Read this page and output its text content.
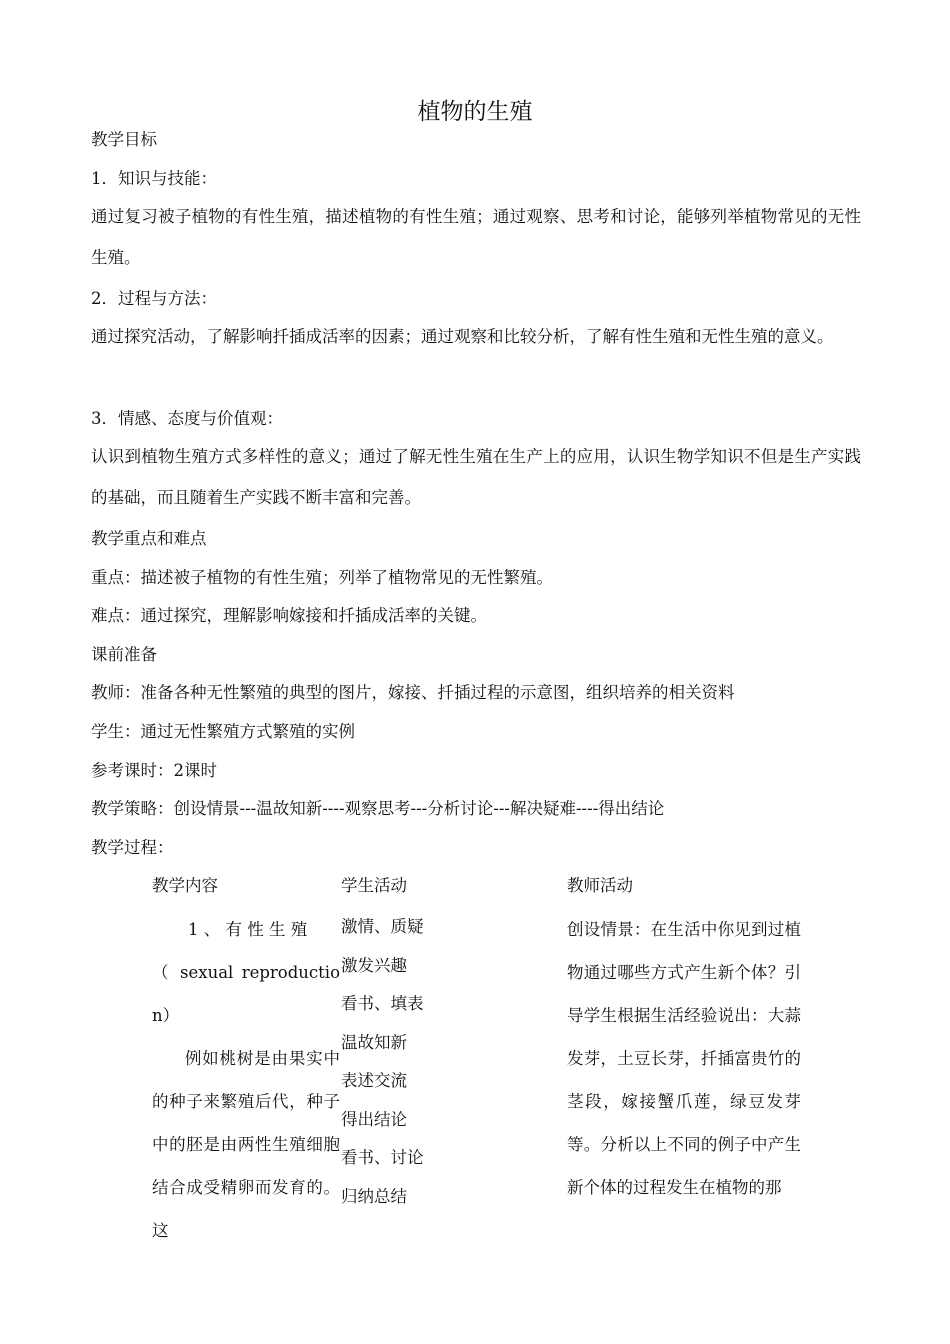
植物的生殖
教学目标
1．知识与技能：
通过复习被子植物的有性生殖，描述植物的有性生殖；通过观察、思考和讨论，能够列举植物常见的无性生殖。
2．过程与方法：
通过探究活动，了解影响扦插成活率的因素；通过观察和比较分析，了解有性生殖和无性生殖的意义。
3．情感、态度与价值观：
认识到植物生殖方式多样性的意义；通过了解无性生殖在生产上的应用，认识生物学知识不但是生产实践的基础，而且随着生产实践不断丰富和完善。
教学重点和难点
重点：描述被子植物的有性生殖；列举了植物常见的无性繁殖。
难点：通过探究，理解影响嫁接和扦插成活率的关键。
课前准备
教师：准备各种无性繁殖的典型的图片，嫁接、扦插过程的示意图，组织培养的相关资料
学生：通过无性繁殖方式繁殖的实例
参考课时：2课时
教学策略：创设情景---温故知新----观察思考---分析讨论---解决疑难----得出结论
教学过程：
教学内容	学生活动	教师活动
1 、 有 性 生 殖
（ sexual reproduction）
例如桃树是由果实中的种子来繁殖后代，种子中的胚是由两性生殖细胞结合成受精卵而发育的。这
激情、质疑
激发兴趣
看书、填表
温故知新
表述交流
得出结论
看书、讨论
归纳总结
创设情景：在生活中你见到过植物通过哪些方式产生新个体？引导学生根据生活经验说出：大蒜发芽，土豆长芽，扦插富贵竹的茎段，嫁接蟹爪莲，绿豆发芽等。分析以上不同的例子中产生新个体的过程发生在植物的那
